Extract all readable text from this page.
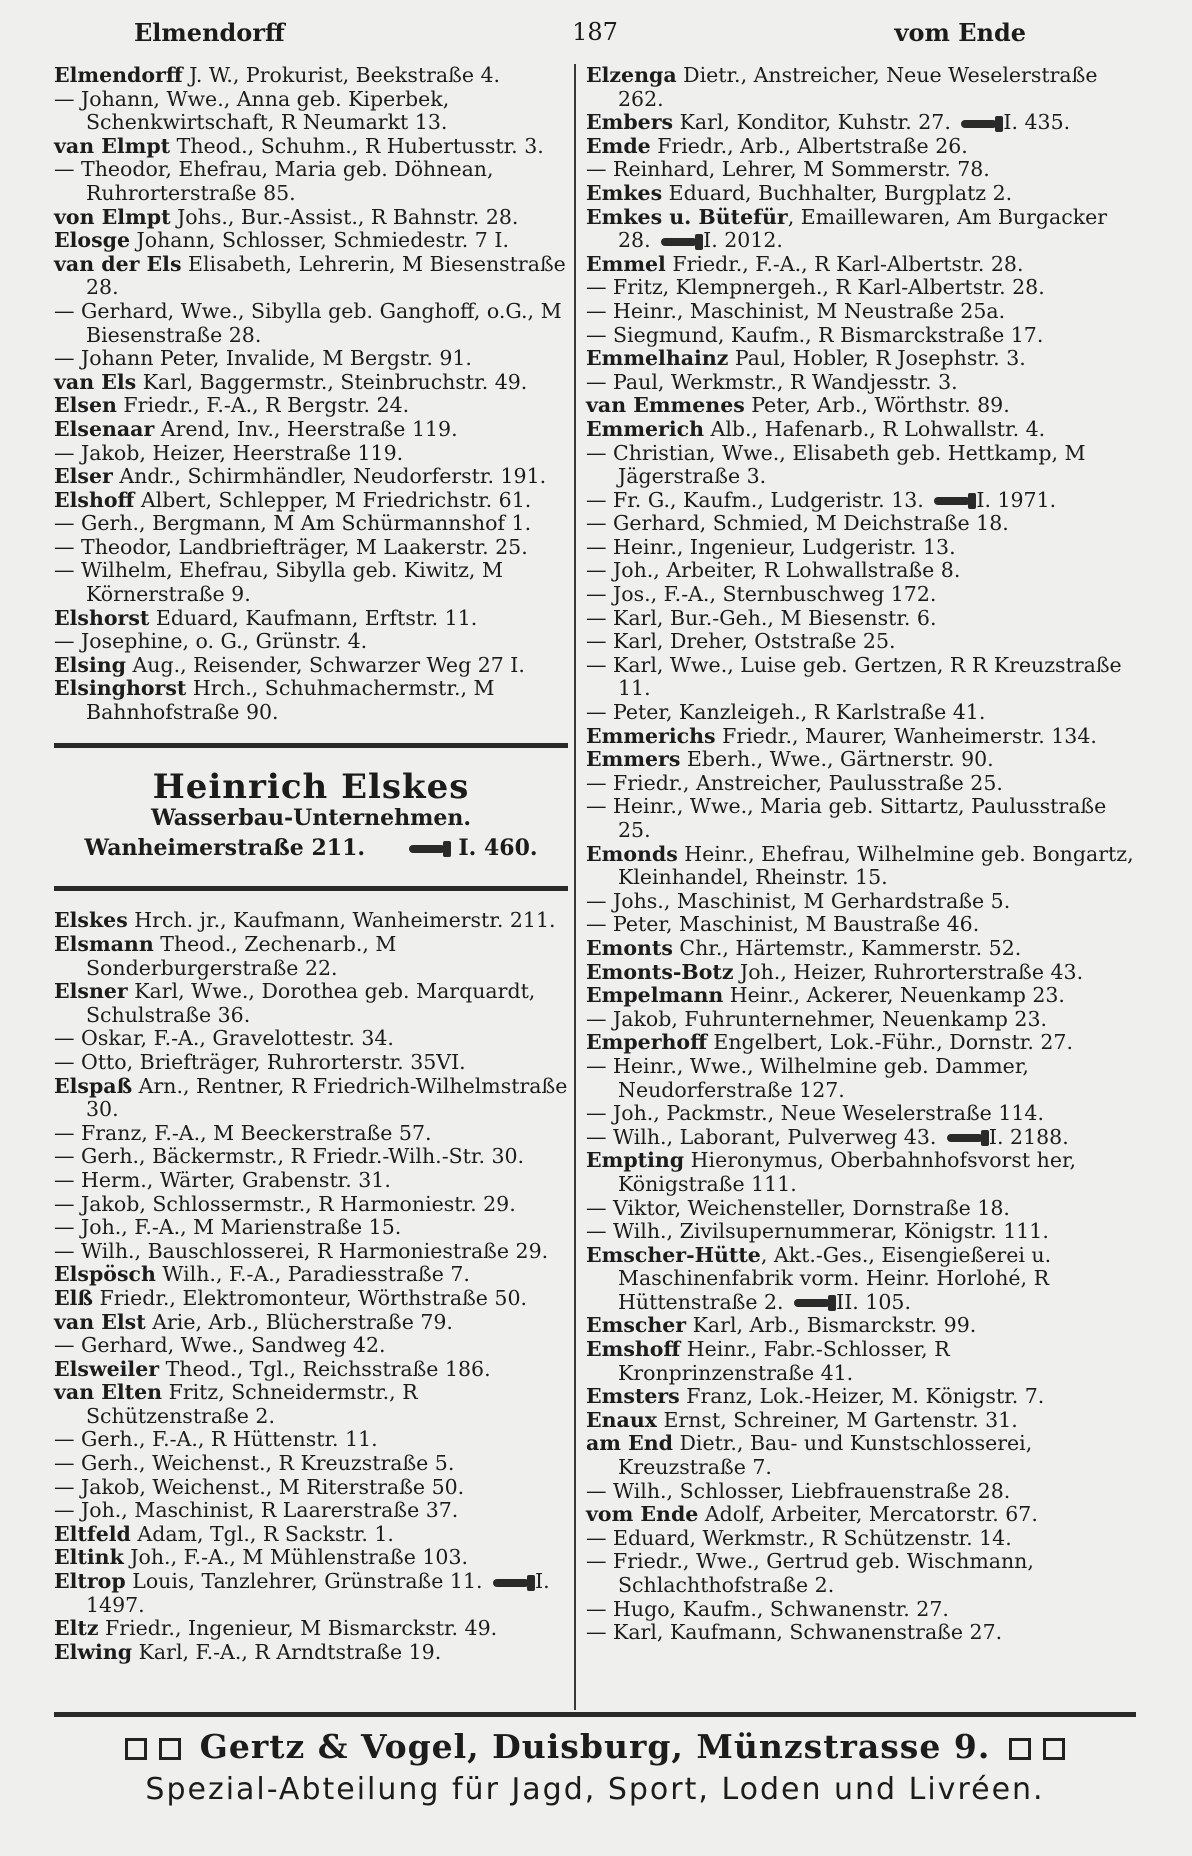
Elmendorff	187	vom Ende

Elmendorff J. W., Prokurist, Beekstraße 4.

— Johann, Wwe., Anna geb. Kiperbek, Schenkwirtschaft, R Neumarkt 13.

van Elmpt Theod., Schuhm., R Hubertusstr. 3.

— Theodor, Ehefrau, Maria geb. Döhnean, Ruhrorterstraße 85.

von Elmpt Johs., Bur.-Assist., R Bahnstr. 28.

Elosge Johann, Schlosser, Schmiedestr. 7 I.

van der Els Elisabeth, Lehrerin, M Biesenstraße 28.

— Gerhard, Wwe., Sibylla geb. Ganghoff, o.G., M Biesenstraße 28.

— Johann Peter, Invalide, M Bergstr. 91.

van Els Karl, Baggermstr., Steinbruchstr. 49.

Elsen Friedr., F.-A., R Bergstr. 24.

Elsenaar Arend, Inv., Heerstraße 119.

— Jakob, Heizer, Heerstraße 119.

Elser Andr., Schirmhändler, Neudorferstr. 191.

Elshoff Albert, Schlepper, M Friedrichstr. 61.

— Gerh., Bergmann, M Am Schürmannshof 1.

— Theodor, Landbriefträger, M Laakerstr. 25.

— Wilhelm, Ehefrau, Sibylla geb. Kiwitz, M Körnerstraße 9.

Elshorst Eduard, Kaufmann, Erftstr. 11.

— Josephine, o. G., Grünstr. 4.

Elsing Aug., Reisender, Schwarzer Weg 27 I.

Elsinghorst Hrch., Schuhmachermstr., M Bahnhofstraße 90.

Heinrich Elskes
Wasserbau-Unternehmen.
Wanheimerstraße 211.	I. 460.

Elskes Hrch. jr., Kaufmann, Wanheimerstr. 211.

Elsmann Theod., Zechenarb., M Sonderburgerstraße 22.

Elsner Karl, Wwe., Dorothea geb. Marquardt, Schulstraße 36.

— Oskar, F.-A., Gravelottestr. 34.

— Otto, Briefträger, Ruhrorterstr. 35VI.

Elspaß Arn., Rentner, R Friedrich-Wilhelmstraße 30.

— Franz, F.-A., M Beeckerstraße 57.

— Gerh., Bäckermstr., R Friedr.-Wilh.-Str. 30.

— Herm., Wärter, Grabenstr. 31.

— Jakob, Schlossermstr., R Harmoniestr. 29.

— Joh., F.-A., M Marienstraße 15.

— Wilh., Bauschlosserei, R Harmoniestraße 29.

Elspösch Wilh., F.-A., Paradiesstraße 7.

Elß Friedr., Elektromonteur, Wörthstraße 50.

van Elst Arie, Arb., Blücherstraße 79.

— Gerhard, Wwe., Sandweg 42.

Elsweiler Theod., Tgl., Reichsstraße 186.

van Elten Fritz, Schneidermstr., R Schützenstraße 2.

— Gerh., F.-A., R Hüttenstr. 11.

— Gerh., Weichenst., R Kreuzstraße 5.

— Jakob, Weichenst., M Riterstraße 50.

— Joh., Maschinist, R Laarerstraße 37.

Eltfeld Adam, Tgl., R Sackstr. 1.

Eltink Joh., F.-A., M Mühlenstraße 103.

Eltrop Louis, Tanzlehrer, Grünstraße 11. I. 1497.

Eltz Friedr., Ingenieur, M Bismarckstr. 49.

Elwing Karl, F.-A., R Arndtstraße 19.

Elzenga Dietr., Anstreicher, Neue Weselerstraße 262.

Embers Karl, Konditor, Kuhstr. 27. I. 435.

Emde Friedr., Arb., Albertstraße 26.

— Reinhard, Lehrer, M Sommerstr. 78.

Emkes Eduard, Buchhalter, Burgplatz 2.

Emkes u. Bütefür, Emaillewaren, Am Burgacker 28. I. 2012.

Emmel Friedr., F.-A., R Karl-Albertstr. 28.

— Fritz, Klempnergeh., R Karl-Albertstr. 28.

— Heinr., Maschinist, M Neustraße 25a.

— Siegmund, Kaufm., R Bismarckstraße 17.

Emmelhainz Paul, Hobler, R Josephstr. 3.

— Paul, Werkmstr., R Wandjesstr. 3.

van Emmenes Peter, Arb., Wörthstr. 89.

Emmerich Alb., Hafenarb., R Lohwallstr. 4.

— Christian, Wwe., Elisabeth geb. Hettkamp, M Jägerstraße 3.

— Fr. G., Kaufm., Ludgeristr. 13. I. 1971.

— Gerhard, Schmied, M Deichstraße 18.

— Heinr., Ingenieur, Ludgeristr. 13.

— Joh., Arbeiter, R Lohwallstraße 8.

— Jos., F.-A., Sternbuschweg 172.

— Karl, Bur.-Geh., M Biesenstr. 6.

— Karl, Dreher, Oststraße 25.

— Karl, Wwe., Luise geb. Gertzen, R R Kreuzstraße 11.

— Peter, Kanzleigeh., R Karlstraße 41.

Emmerichs Friedr., Maurer, Wanheimerstr. 134.

Emmers Eberh., Wwe., Gärtnerstr. 90.

— Friedr., Anstreicher, Paulusstraße 25.

— Heinr., Wwe., Maria geb. Sittartz, Paulusstraße 25.

Emonds Heinr., Ehefrau, Wilhelmine geb. Bongartz, Kleinhandel, Rheinstr. 15.

— Johs., Maschinist, M Gerhardstraße 5.

— Peter, Maschinist, M Baustraße 46.

Emonts Chr., Härtemstr., Kammerstr. 52.

Emonts-Botz Joh., Heizer, Ruhrorterstraße 43.

Empelmann Heinr., Ackerer, Neuenkamp 23.

— Jakob, Fuhrunternehmer, Neuenkamp 23.

Emperhoff Engelbert, Lok.-Führ., Dornstr. 27.

— Heinr., Wwe., Wilhelmine geb. Dammer, Neudorferstraße 127.

— Joh., Packmstr., Neue Weselerstraße 114.

— Wilh., Laborant, Pulverweg 43. I. 2188.

Empting Hieronymus, Oberbahnhofsvorst her, Königstraße 111.

— Viktor, Weichensteller, Dornstraße 18.

— Wilh., Zivilsupernummerar, Königstr. 111.

Emscher-Hütte, Akt.-Ges., Eisengießerei u. Maschinenfabrik vorm. Heinr. Horlohé, R Hüttenstraße 2. II. 105.

Emscher Karl, Arb., Bismarckstr. 99.

Emshoff Heinr., Fabr.-Schlosser, R Kronprinzenstraße 41.

Emsters Franz, Lok.-Heizer, M. Königstr. 7.

Enaux Ernst, Schreiner, M Gartenstr. 31.

am End Dietr., Bau- und Kunstschlosserei, Kreuzstraße 7.

— Wilh., Schlosser, Liebfrauenstraße 28.

vom Ende Adolf, Arbeiter, Mercatorstr. 67.

— Eduard, Werkmstr., R Schützenstr. 14.

— Friedr., Wwe., Gertrud geb. Wischmann, Schlachthofstraße 2.

— Hugo, Kaufm., Schwanenstr. 27.

— Karl, Kaufmann, Schwanenstraße 27.

Gertz & Vogel, Duisburg, Münzstrasse 9.
Spezial-Abteilung für Jagd, Sport, Loden und Livréen.
